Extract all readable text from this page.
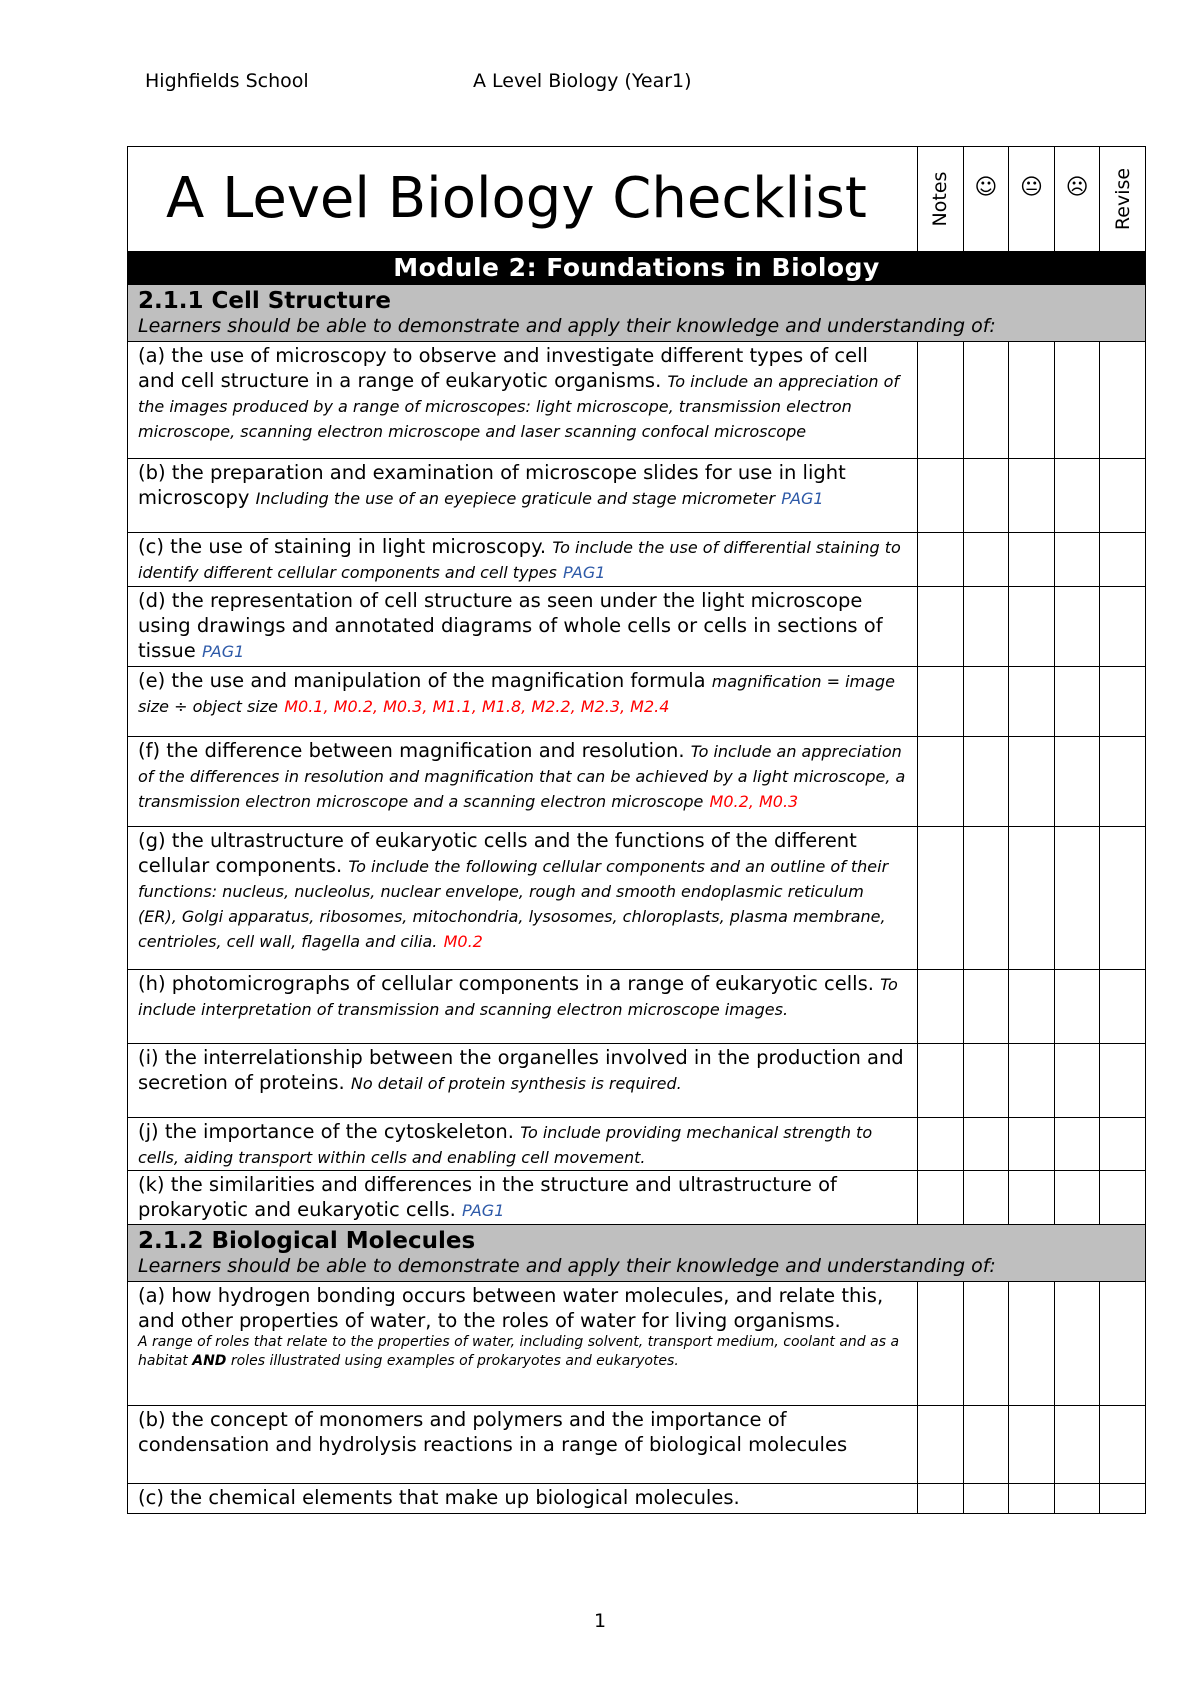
Highfields School	A Level Biology (Year1)
A Level Biology Checklist	Notes	☺	😐	☹	Revise

Module 2: Foundations in Biology					

2.1.1 Cell Structure
Learners should be able to demonstrate and apply their knowledge and understanding of:					

(a) the use of microscopy to observe and investigate different types of cell and cell structure in a range of eukaryotic organisms. To include an appreciation of the images produced by a range of microscopes: light microscope, transmission electron microscope, scanning electron microscope and laser scanning confocal microscope					
(b) the preparation and examination of microscope slides for use in light microscopy Including the use of an eyepiece graticule and stage micrometer PAG1					
(c) the use of staining in light microscopy. To include the use of differential staining to identify different cellular components and cell types PAG1					
(d) the representation of cell structure as seen under the light microscope using drawings and annotated diagrams of whole cells or cells in sections of tissue PAG1					
(e) the use and manipulation of the magnification formula magnification = image size ÷ object size M0.1, M0.2, M0.3, M1.1, M1.8, M2.2, M2.3, M2.4					
(f) the difference between magnification and resolution. To include an appreciation of the differences in resolution and magnification that can be achieved by a light microscope, a transmission electron microscope and a scanning electron microscope M0.2, M0.3					
(g) the ultrastructure of eukaryotic cells and the functions of the different cellular components. To include the following cellular components and an outline of their functions: nucleus, nucleolus, nuclear envelope, rough and smooth endoplasmic reticulum (ER), Golgi apparatus, ribosomes, mitochondria, lysosomes, chloroplasts, plasma membrane, centrioles, cell wall, flagella and cilia. M0.2					
(h) photomicrographs of cellular components in a range of eukaryotic cells. To include interpretation of transmission and scanning electron microscope images.					
(i) the interrelationship between the organelles involved in the production and secretion of proteins. No detail of protein synthesis is required.					
(j) the importance of the cytoskeleton. To include providing mechanical strength to cells, aiding transport within cells and enabling cell movement.					
(k) the similarities and differences in the structure and ultrastructure of prokaryotic and eukaryotic cells. PAG1					

2.1.2 Biological Molecules
Learners should be able to demonstrate and apply their knowledge and understanding of:					

(a) how hydrogen bonding occurs between water molecules, and relate this, and other properties of water, to the roles of water for living organisms.
A range of roles that relate to the properties of water, including solvent, transport medium, coolant and as a habitat AND roles illustrated using examples of prokaryotes and eukaryotes.					

(b) the concept of monomers and polymers and the importance of condensation and hydrolysis reactions in a range of biological molecules					
(c) the chemical elements that make up biological molecules.					
1
